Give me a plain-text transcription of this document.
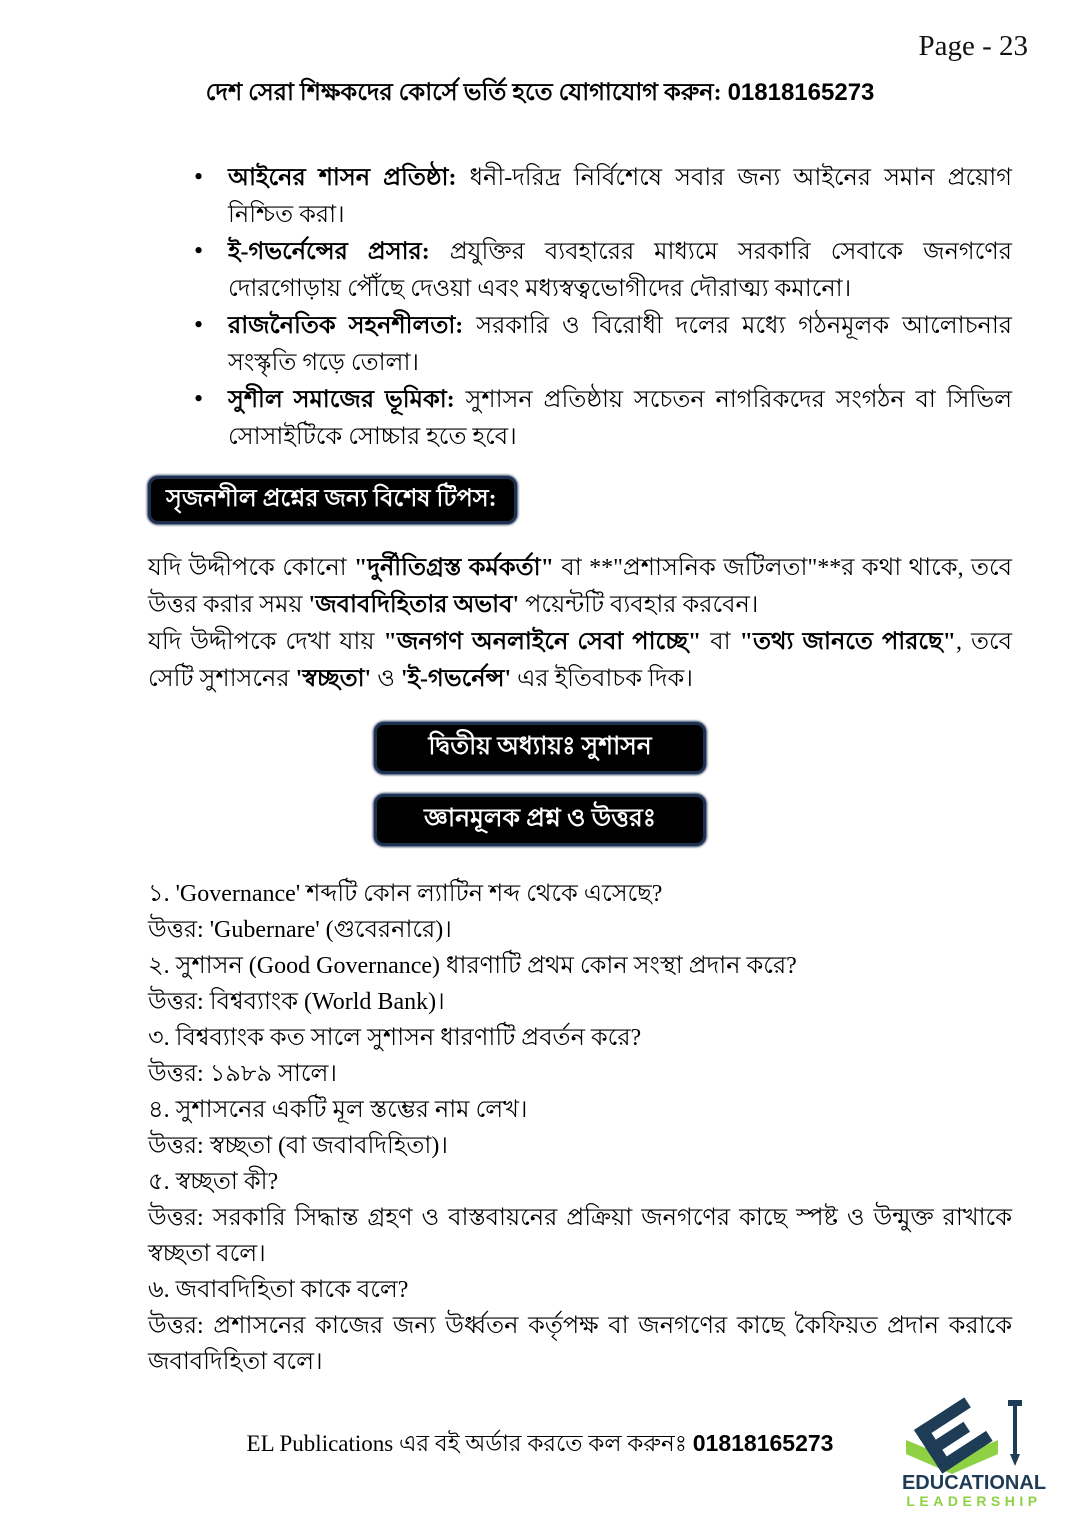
Page - 23
দেশ সেরা শিক্ষকদের কোর্সে ভর্তি হতে যোগাযোগ করুন: 01818165273
• আইনের শাসন প্রতিষ্ঠা: ধনী-দরিদ্র নির্বিশেষে সবার জন্য আইনের সমান প্রয়োগ নিশ্চিত করা।
• ই-গভর্নেন্সের প্রসার: প্রযুক্তির ব্যবহারের মাধ্যমে সরকারি সেবাকে জনগণের দোরগোড়ায় পৌঁছে দেওয়া এবং মধ্যস্বত্বভোগীদের দৌরাত্ম্য কমানো।
• রাজনৈতিক সহনশীলতা: সরকারি ও বিরোধী দলের মধ্যে গঠনমূলক আলোচনার সংস্কৃতি গড়ে তোলা।
• সুশীল সমাজের ভূমিকা: সুশাসন প্রতিষ্ঠায় সচেতন নাগরিকদের সংগঠন বা সিভিল সোসাইটিকে সোচ্চার হতে হবে।
সৃজনশীল প্রশ্নের জন্য বিশেষ টিপস:

যদি উদ্দীপকে কোনো "দুর্নীতিগ্রস্ত কর্মকর্তা" বা **"প্রশাসনিক জটিলতা"**র কথা থাকে, তবে উত্তর করার সময় 'জবাবদিহিতার অভাব' পয়েন্টটি ব্যবহার করবেন।

যদি উদ্দীপকে দেখা যায় "জনগণ অনলাইনে সেবা পাচ্ছে" বা "তথ্য জানতে পারছে", তবে সেটি সুশাসনের 'স্বচ্ছতা' ও 'ই-গভর্নেন্স' এর ইতিবাচক দিক।

দ্বিতীয় অধ্যায়ঃ সুশাসন
জ্ঞানমূলক প্রশ্ন ও উত্তরঃ

১. 'Governance' শব্দটি কোন ল্যাটিন শব্দ থেকে এসেছে?

উত্তর: 'Gubernare' (গুবেরনারে)।

২. সুশাসন (Good Governance) ধারণাটি প্রথম কোন সংস্থা প্রদান করে?

উত্তর: বিশ্বব্যাংক (World Bank)।

৩. বিশ্বব্যাংক কত সালে সুশাসন ধারণাটি প্রবর্তন করে?

উত্তর: ১৯৮৯ সালে।

৪. সুশাসনের একটি মূল স্তম্ভের নাম লেখ।

উত্তর: স্বচ্ছতা (বা জবাবদিহিতা)।

৫. স্বচ্ছতা কী?

উত্তর: সরকারি সিদ্ধান্ত গ্রহণ ও বাস্তবায়নের প্রক্রিয়া জনগণের কাছে স্পষ্ট ও উন্মুক্ত রাখাকে স্বচ্ছতা বলে।

৬. জবাবদিহিতা কাকে বলে?

উত্তর: প্রশাসনের কাজের জন্য উর্ধ্বতন কর্তৃপক্ষ বা জনগণের কাছে কৈফিয়ত প্রদান করাকে জবাবদিহিতা বলে।

EL Publications এর বই অর্ডার করতে কল করুনঃ 01818165273
EDUCATIONAL
LEADERSHIP
